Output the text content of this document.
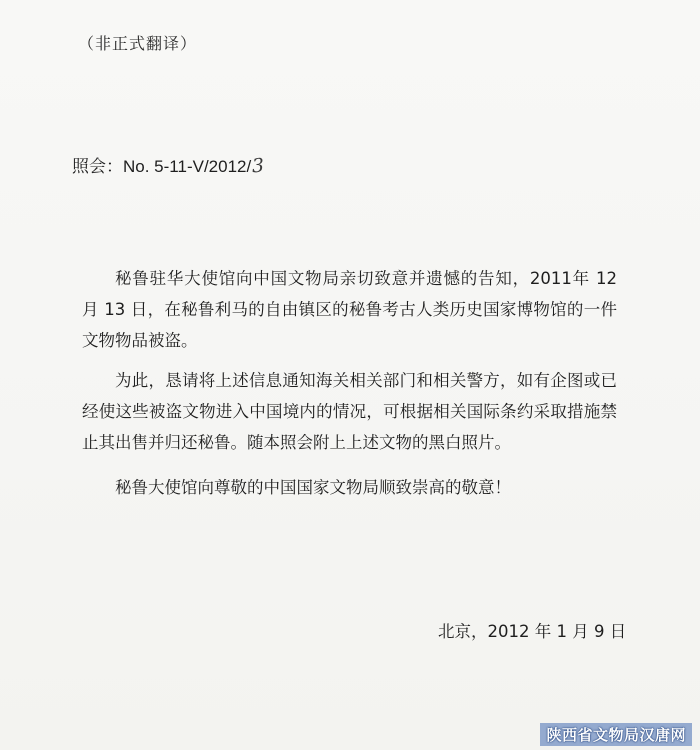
（非正式翻译）
照会：No. 5-11-V/2012/3

秘鲁驻华大使馆向中国文物局亲切致意并遗憾的告知，2011年 12 月 13 日，在秘鲁利马的自由镇区的秘鲁考古人类历史国家博物馆的一件文物物品被盗。

为此，恳请将上述信息通知海关相关部门和相关警方，如有企图或已经使这些被盗文物进入中国境内的情况，可根据相关国际条约采取措施禁止其出售并归还秘鲁。随本照会附上上述文物的黑白照片。

秘鲁大使馆向尊敬的中国国家文物局顺致崇高的敬意！

北京，2012 年 1 月 9 日
陕西省文物局汉唐网
